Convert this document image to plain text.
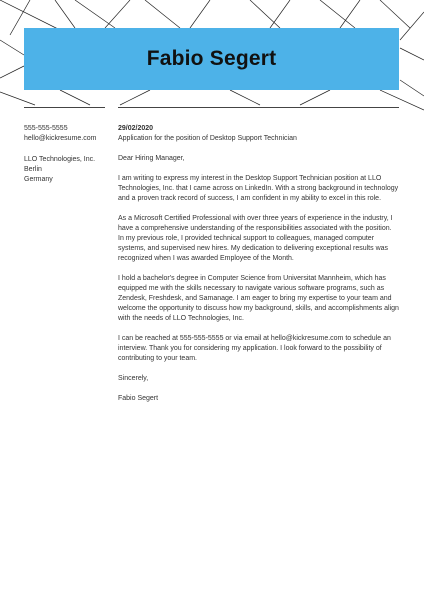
Fabio Segert
555-555-5555
hello@kickresume.com
LLO Technologies, Inc.
Berlin
Germany
29/02/2020
Application for the position of Desktop Support Technician

Dear Hiring Manager,

I am writing to express my interest in the Desktop Support Technician position at LLO Technologies, Inc. that I came across on LinkedIn. With a strong background in technology and a proven track record of success, I am confident in my ability to excel in this role.

As a Microsoft Certified Professional with over three years of experience in the industry, I have a comprehensive understanding of the responsibilities associated with the position. In my previous role, I provided technical support to colleagues, managed computer systems, and supervised new hires. My dedication to delivering exceptional results was recognized when I was awarded Employee of the Month.

I hold a bachelor's degree in Computer Science from Universitat Mannheim, which has equipped me with the skills necessary to navigate various software programs, such as Zendesk, Freshdesk, and Samanage. I am eager to bring my expertise to your team and welcome the opportunity to discuss how my background, skills, and accomplishments align with the needs of LLO Technologies, Inc.

I can be reached at 555-555-5555 or via email at hello@kickresume.com to schedule an interview. Thank you for considering my application. I look forward to the possibility of contributing to your team.

Sincerely,

Fabio Segert
